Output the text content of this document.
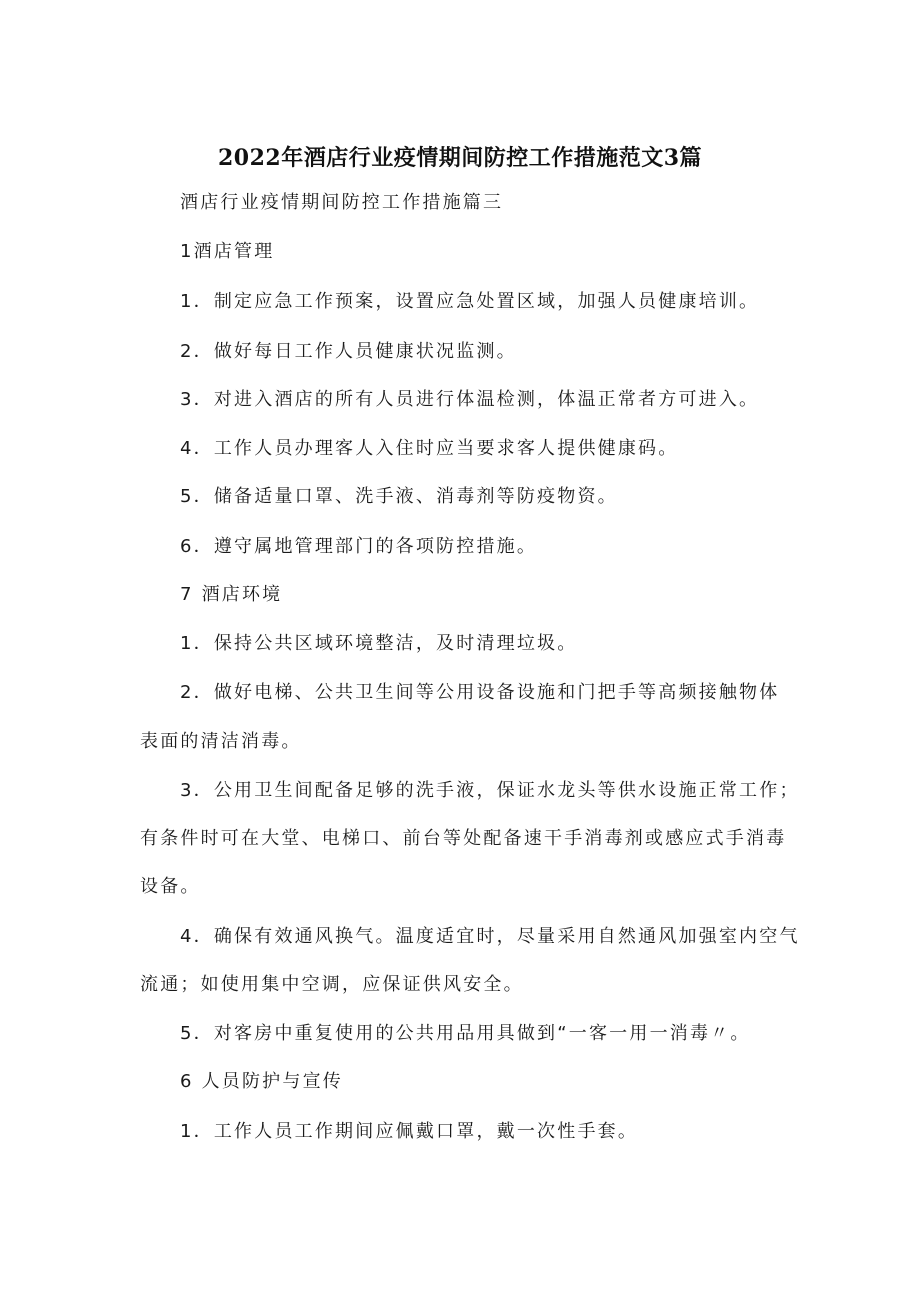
2022年酒店行业疫情期间防控工作措施范文3篇
酒店行业疫情期间防控工作措施篇三
1酒店管理
1．制定应急工作预案，设置应急处置区域，加强人员健康培训。
2．做好每日工作人员健康状况监测。
3．对进入酒店的所有人员进行体温检测，体温正常者方可进入。
4．工作人员办理客人入住时应当要求客人提供健康码。
5．储备适量口罩、洗手液、消毒剂等防疫物资。
6．遵守属地管理部门的各项防控措施。
7 酒店环境
1．保持公共区域环境整洁，及时清理垃圾。
2．做好电梯、公共卫生间等公用设备设施和门把手等高频接触物体
表面的清洁消毒。
3．公用卫生间配备足够的洗手液，保证水龙头等供水设施正常工作；
有条件时可在大堂、电梯口、前台等处配备速干手消毒剂或感应式手消毒
设备。
4．确保有效通风换气。温度适宜时，尽量采用自然通风加强室内空气
流通；如使用集中空调，应保证供风安全。
5．对客房中重复使用的公共用品用具做到“一客一用一消毒〃。
6 人员防护与宣传
1．工作人员工作期间应佩戴口罩，戴一次性手套。
